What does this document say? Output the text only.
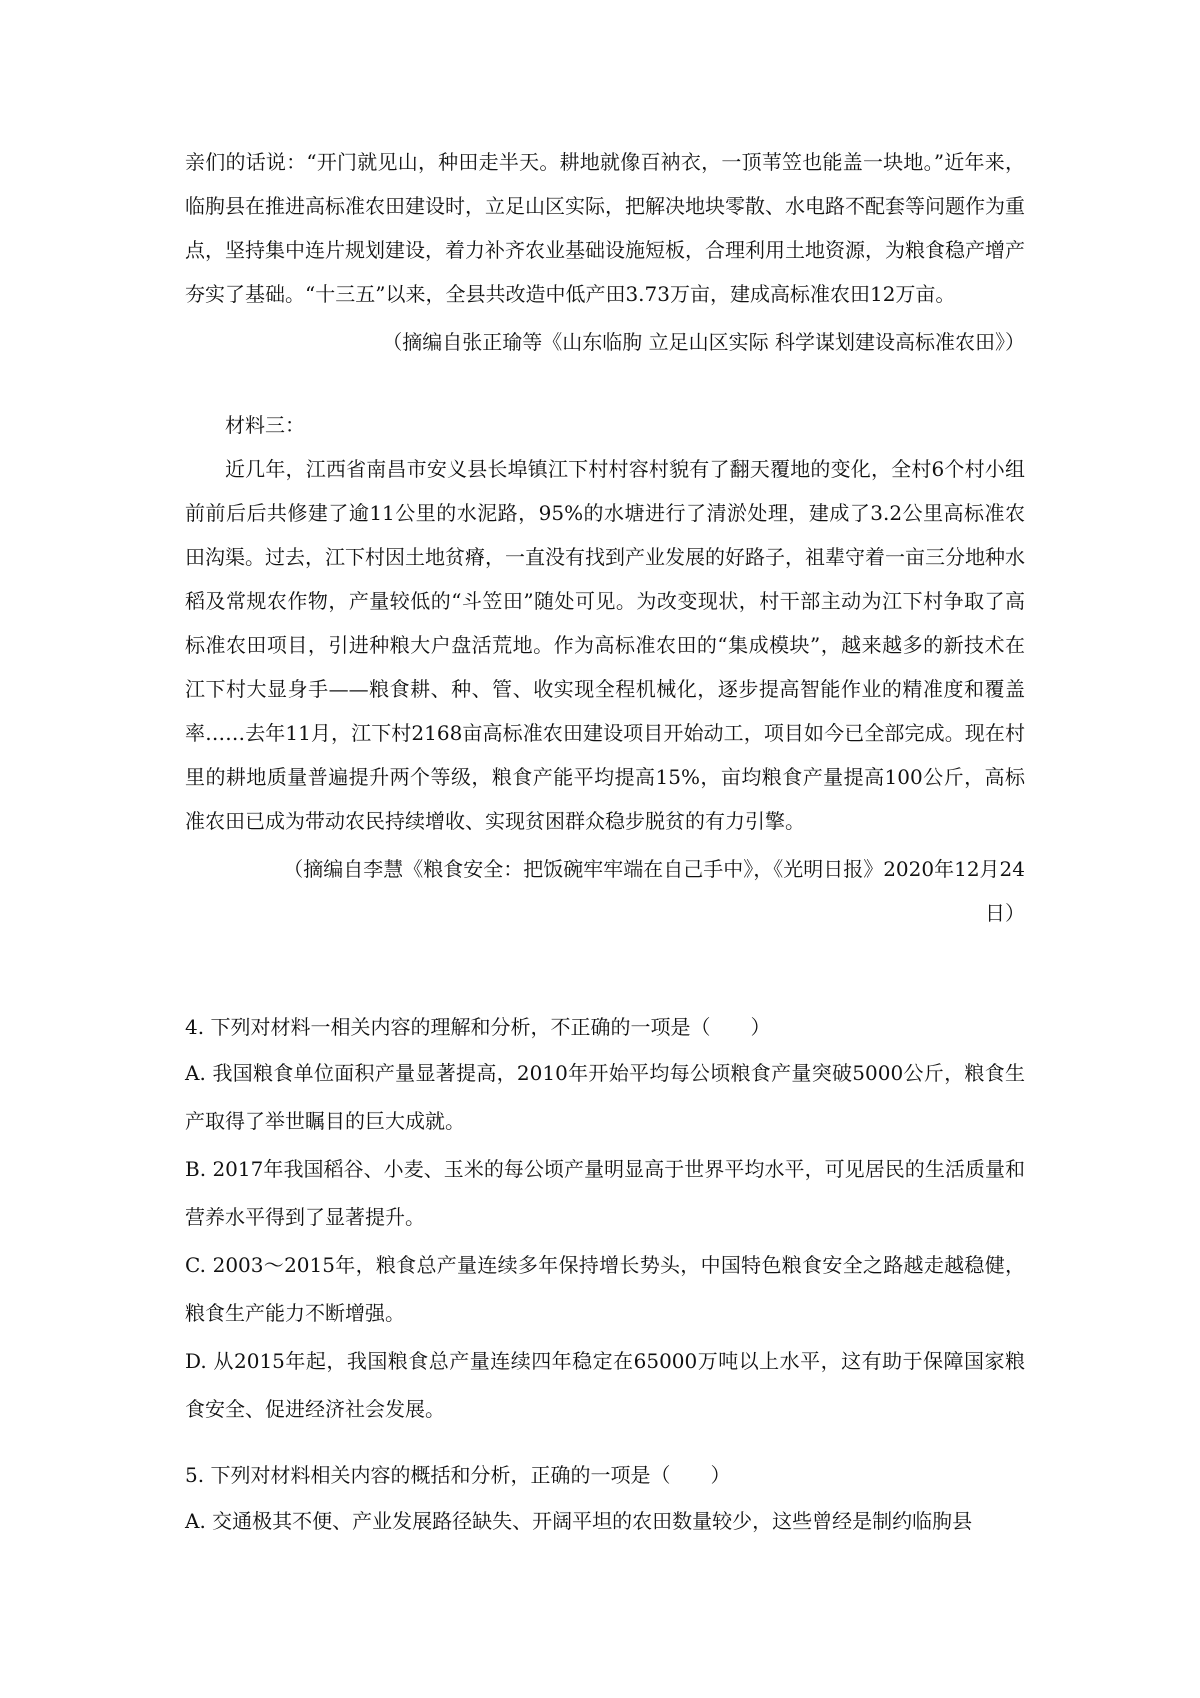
亲们的话说：“开门就见山，种田走半天。耕地就像百衲衣，一顶苇笠也能盖一块地。”近年来，临朐县在推进高标准农田建设时，立足山区实际，把解决地块零散、水电路不配套等问题作为重点，坚持集中连片规划建设，着力补齐农业基础设施短板，合理利用土地资源，为粮食稳产增产夯实了基础。“十三五”以来，全县共改造中低产田3.73万亩，建成高标准农田12万亩。

（摘编自张正瑜等《山东临朐 立足山区实际 科学谋划建设高标准农田》）

材料三：

近几年，江西省南昌市安义县长埠镇江下村村容村貌有了翻天覆地的变化，全村6个村小组前前后后共修建了逾11公里的水泥路，95%的水塘进行了清淤处理，建成了3.2公里高标准农田沟渠。过去，江下村因土地贫瘠，一直没有找到产业发展的好路子，祖辈守着一亩三分地种水稻及常规农作物，产量较低的“斗笠田”随处可见。为改变现状，村干部主动为江下村争取了高标准农田项目，引进种粮大户盘活荒地。作为高标准农田的“集成模块”，越来越多的新技术在江下村大显身手——粮食耕、种、管、收实现全程机械化，逐步提高智能作业的精准度和覆盖率……去年11月，江下村2168亩高标准农田建设项目开始动工，项目如今已全部完成。现在村里的耕地质量普遍提升两个等级，粮食产能平均提高15%，亩均粮食产量提高100公斤，高标准农田已成为带动农民持续增收、实现贫困群众稳步脱贫的有力引擎。

（摘编自李慧《粮食安全：把饭碗牢牢端在自己手中》，《光明日报》2020年12月24

日）

4. 下列对材料一相关内容的理解和分析，不正确的一项是（　　）

A. 我国粮食单位面积产量显著提高，2010年开始平均每公顷粮食产量突破5000公斤，粮食生产取得了举世瞩目的巨大成就。

B. 2017年我国稻谷、小麦、玉米的每公顷产量明显高于世界平均水平，可见居民的生活质量和营养水平得到了显著提升。

C. 2003～2015年，粮食总产量连续多年保持增长势头，中国特色粮食安全之路越走越稳健，粮食生产能力不断增强。

D. 从2015年起，我国粮食总产量连续四年稳定在65000万吨以上水平，这有助于保障国家粮食安全、促进经济社会发展。

5. 下列对材料相关内容的概括和分析，正确的一项是（　　）

A. 交通极其不便、产业发展路径缺失、开阔平坦的农田数量较少，这些曾经是制约临朐县
